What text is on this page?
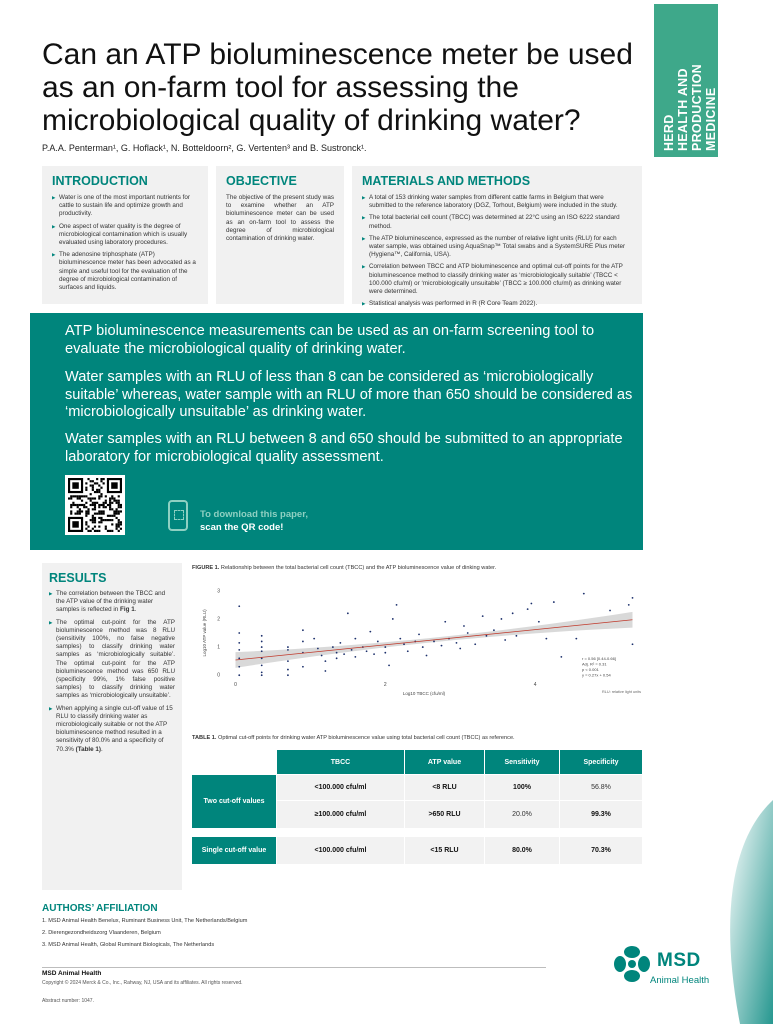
HERD HEALTH AND PRODUCTION MEDICINE
Can an ATP bioluminescence meter be used as an on-farm tool for assessing the microbiological quality of drinking water?
P.A.A. Penterman¹, G. Hoflack¹, N. Botteldoorn², G. Vertenten³ and B. Sustronck¹.
INTRODUCTION
▶ Water is one of the most important nutrients for cattle to sustain life and optimize growth and productivity.
▶ One aspect of water quality is the degree of microbiological contamination which is usually evaluated using laboratory procedures.
▶ The adenosine triphosphate (ATP) bioluminescence meter has been advocated as a simple and useful tool for the evaluation of the degree of microbiological contamination of surfaces and liquids.
OBJECTIVE

The objective of the present study was to examine whether an ATP bioluminescence meter can be used as an on-farm tool to assess the degree of microbiological contamination of drinking water.

MATERIALS AND METHODS
▶ A total of 153 drinking water samples from different cattle farms in Belgium that were submitted to the reference laboratory (DGZ, Torhout, Belgium) were included in the study.
▶ The total bacterial cell count (TBCC) was determined at 22°C using an ISO 6222 standard method.
▶ The ATP bioluminescence, expressed as the number of relative light units (RLU) for each water sample, was obtained using AquaSnap™ Total swabs and a SystemSURE Plus meter (Hygiena™, California, USA).
▶ Correlation between TBCC and ATP bioluminescence and optimal cut-off points for the ATP bioluminescence method to classify drinking water as ‘microbiologically suitable’ (TBCC < 100.000 cfu/ml) or ‘microbiologically unsuitable’ (TBCC ≥ 100.000 cfu/ml) as drinking water were determined.
▶ Statistical analysis was performed in R (R Core Team 2022).
ATP bioluminescence measurements can be used as an on-farm screening tool to evaluate the microbiological quality of drinking water.
Water samples with an RLU of less than 8 can be considered as ‘microbiologically suitable’ whereas, water sample with an RLU of more than 650 should be considered as ‘microbiologically unsuitable’ as drinking water.
Water samples with an RLU between 8 and 650 should be submitted to an appropriate laboratory for microbiological quality assessment.
To download this paper,
scan the QR code!
RESULTS
▶ The correlation between the TBCC and the ATP value of the drinking water samples is reflected in Fig 1.
▶ The optimal cut-point for the ATP bioluminescence method was 8 RLU (sensitivity 100%, no false negative samples) to classify drinking water samples as ‘microbiologically suitable’. The optimal cut-point for the ATP bioluminescence method was 650 RLU (specificity 99%, 1% false positive samples) to classify drinking water samples as ‘microbiologically unsuitable’.
▶ When applying a single cut-off value of 15 RLU to classify drinking water as microbiologically suitable or not the ATP bioluminescence method resulted in a sensitivity of 80.0% and a specificity of 70.3% (Table 1).
FIGURE 1. Relationship between the total bacterial cell count (TBCC) and the ATP bioluminescence value of dinking water.
0	2	4
0
1
2
3
Log10 TBCC (cfu/ml)
Log10 ATP value (RLU)
r = 0.56 [0.44-0.66]
Adj. R² = 0.31
p < 0.001
y = 0.27x + 0.54
RLU: relative light units
TABLE 1. Optimal cut-off points for drinking water ATP bioluminescence value using total bacterial cell count (TBCC) as reference.
TBCC	ATP value	Sensitivity	Specificity
Two cut-off values
<100.000 cfu/ml	<8 RLU	100%	56.8%
≥100.000 cfu/ml	>650 RLU	20.0%	99.3%
Single cut-off value	<100.000 cfu/ml	<15 RLU	80.0%	70.3%
AUTHORS’ AFFILIATION
1. MSD Animal Health Benelux, Ruminant Business Unit, The Netherlands/Belgium
2. Dierengezondheidszorg Vlaanderen, Belgium
3. MSD Animal Health, Global Ruminant Biologicals, The Netherlands
MSD Animal Health
Copyright © 2024 Merck & Co., Inc., Rahway, NJ, USA and its affiliates. All rights reserved.
Abstract number: 1047.
MSD
Animal Health
